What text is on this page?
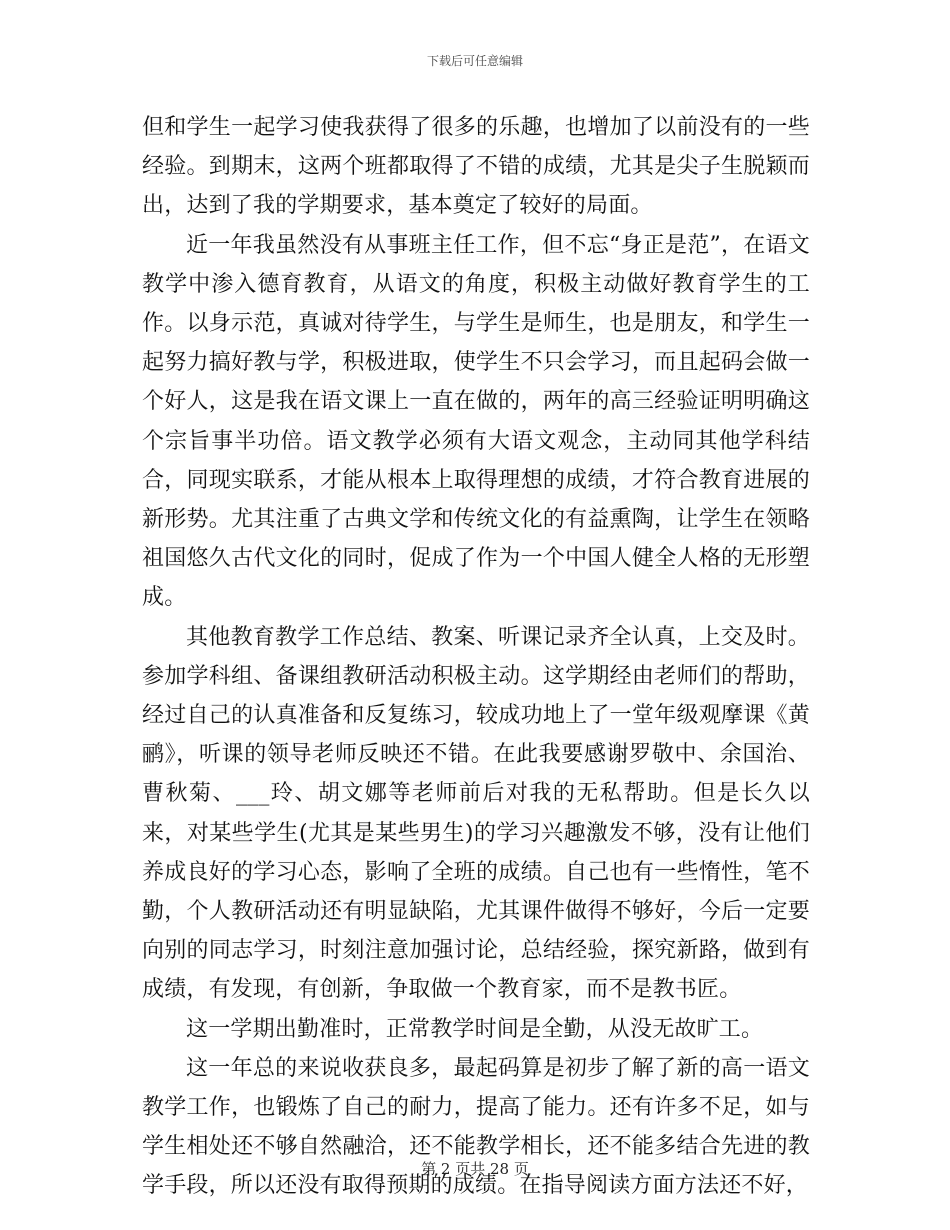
下载后可任意编辑

但和学生一起学习使我获得了很多的乐趣，也增加了以前没有的一些经验。到期末，这两个班都取得了不错的成绩，尤其是尖子生脱颖而出，达到了我的学期要求，基本奠定了较好的局面。

近一年我虽然没有从事班主任工作，但不忘“身正是范”，在语文教学中渗入德育教育，从语文的角度，积极主动做好教育学生的工作。以身示范，真诚对待学生，与学生是师生，也是朋友，和学生一起努力搞好教与学，积极进取，使学生不只会学习，而且起码会做一个好人，这是我在语文课上一直在做的，两年的高三经验证明明确这个宗旨事半功倍。语文教学必须有大语文观念，主动同其他学科结合，同现实联系，才能从根本上取得理想的成绩，才符合教育进展的新形势。尤其注重了古典文学和传统文化的有益熏陶，让学生在领略祖国悠久古代文化的同时，促成了作为一个中国人健全人格的无形塑成。

其他教育教学工作总结、教案、听课记录齐全认真，上交及时。参加学科组、备课组教研活动积极主动。这学期经由老师们的帮助，经过自己的认真准备和反复练习，较成功地上了一堂年级观摩课《黄鹂》，听课的领导老师反映还不错。在此我要感谢罗敬中、余国治、曹秋菊、___玲、胡文娜等老师前后对我的无私帮助。但是长久以来，对某些学生(尤其是某些男生)的学习兴趣激发不够，没有让他们养成良好的学习心态，影响了全班的成绩。自己也有一些惰性，笔不勤，个人教研活动还有明显缺陷，尤其课件做得不够好，今后一定要向别的同志学习，时刻注意加强讨论，总结经验，探究新路，做到有成绩，有发现，有创新，争取做一个教育家，而不是教书匠。

这一学期出勤准时，正常教学时间是全勤，从没无故旷工。

这一年总的来说收获良多，最起码算是初步了解了新的高一语文教学工作，也锻炼了自己的耐力，提高了能力。还有许多不足，如与学生相处还不够自然融洽，还不能教学相长，还不能多结合先进的教学手段，所以还没有取得预期的成绩。在指导阅读方面方法还不好，

第 2 页共 28 页
